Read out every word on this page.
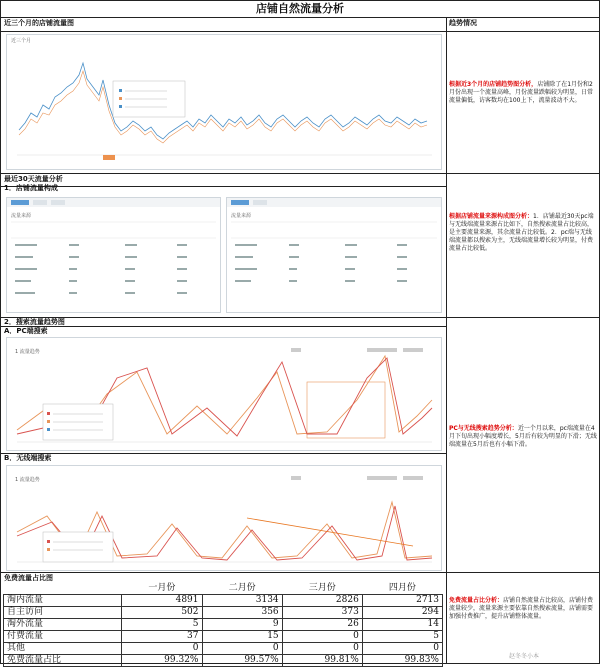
店铺自然流量分析
近三个月的店铺流量图	趋势情况
最近30天流量分析
1．店铺流量构成
2．搜索流量趋势图
A．PC端搜索
B．无线端搜索
免费流量占比图
近三个月
流量来源	流量来源
1 流量趋势
1 流量趋势
根据近3个月的店铺趋势图分析，店铺除了在1月份和2月份出现一个流量高峰，月份流量跌幅较为明显，日常流量偏低，访客数均在100上下，流量波动不大。
根据店铺流量来源构成图分析：1．店铺最近30天pc端与无线端流量来源占比如下，自然搜索流量占比较高，是主要流量来源，其余流量占比较低。2．pc端与无线端流量都以搜索为主，无线端流量增长较为明显，付费流量占比较低。
PC与无线搜索趋势分析：近一个月以来，pc端流量在4月下旬出现小幅度增长，5月后有较为明显的下滑；无线端流量在5月后也有小幅下滑。
免费流量占比分析：店铺自然流量占比较高，店铺付费流量较少，流量来源主要依靠自然搜索流量，店铺需要加强付费推广，提升店铺整体流量。
	一月份	二月份	三月份	四月份
淘内流量	4891	3134	2826	2713
自主访问	502	356	373	294
淘外流量	5	9	26	14
付费流量	37	15	0	5
其他	0	0	0	0
免费流量占比	99.32%	99.57%	99.81%	99.83%	赵冬冬小本
